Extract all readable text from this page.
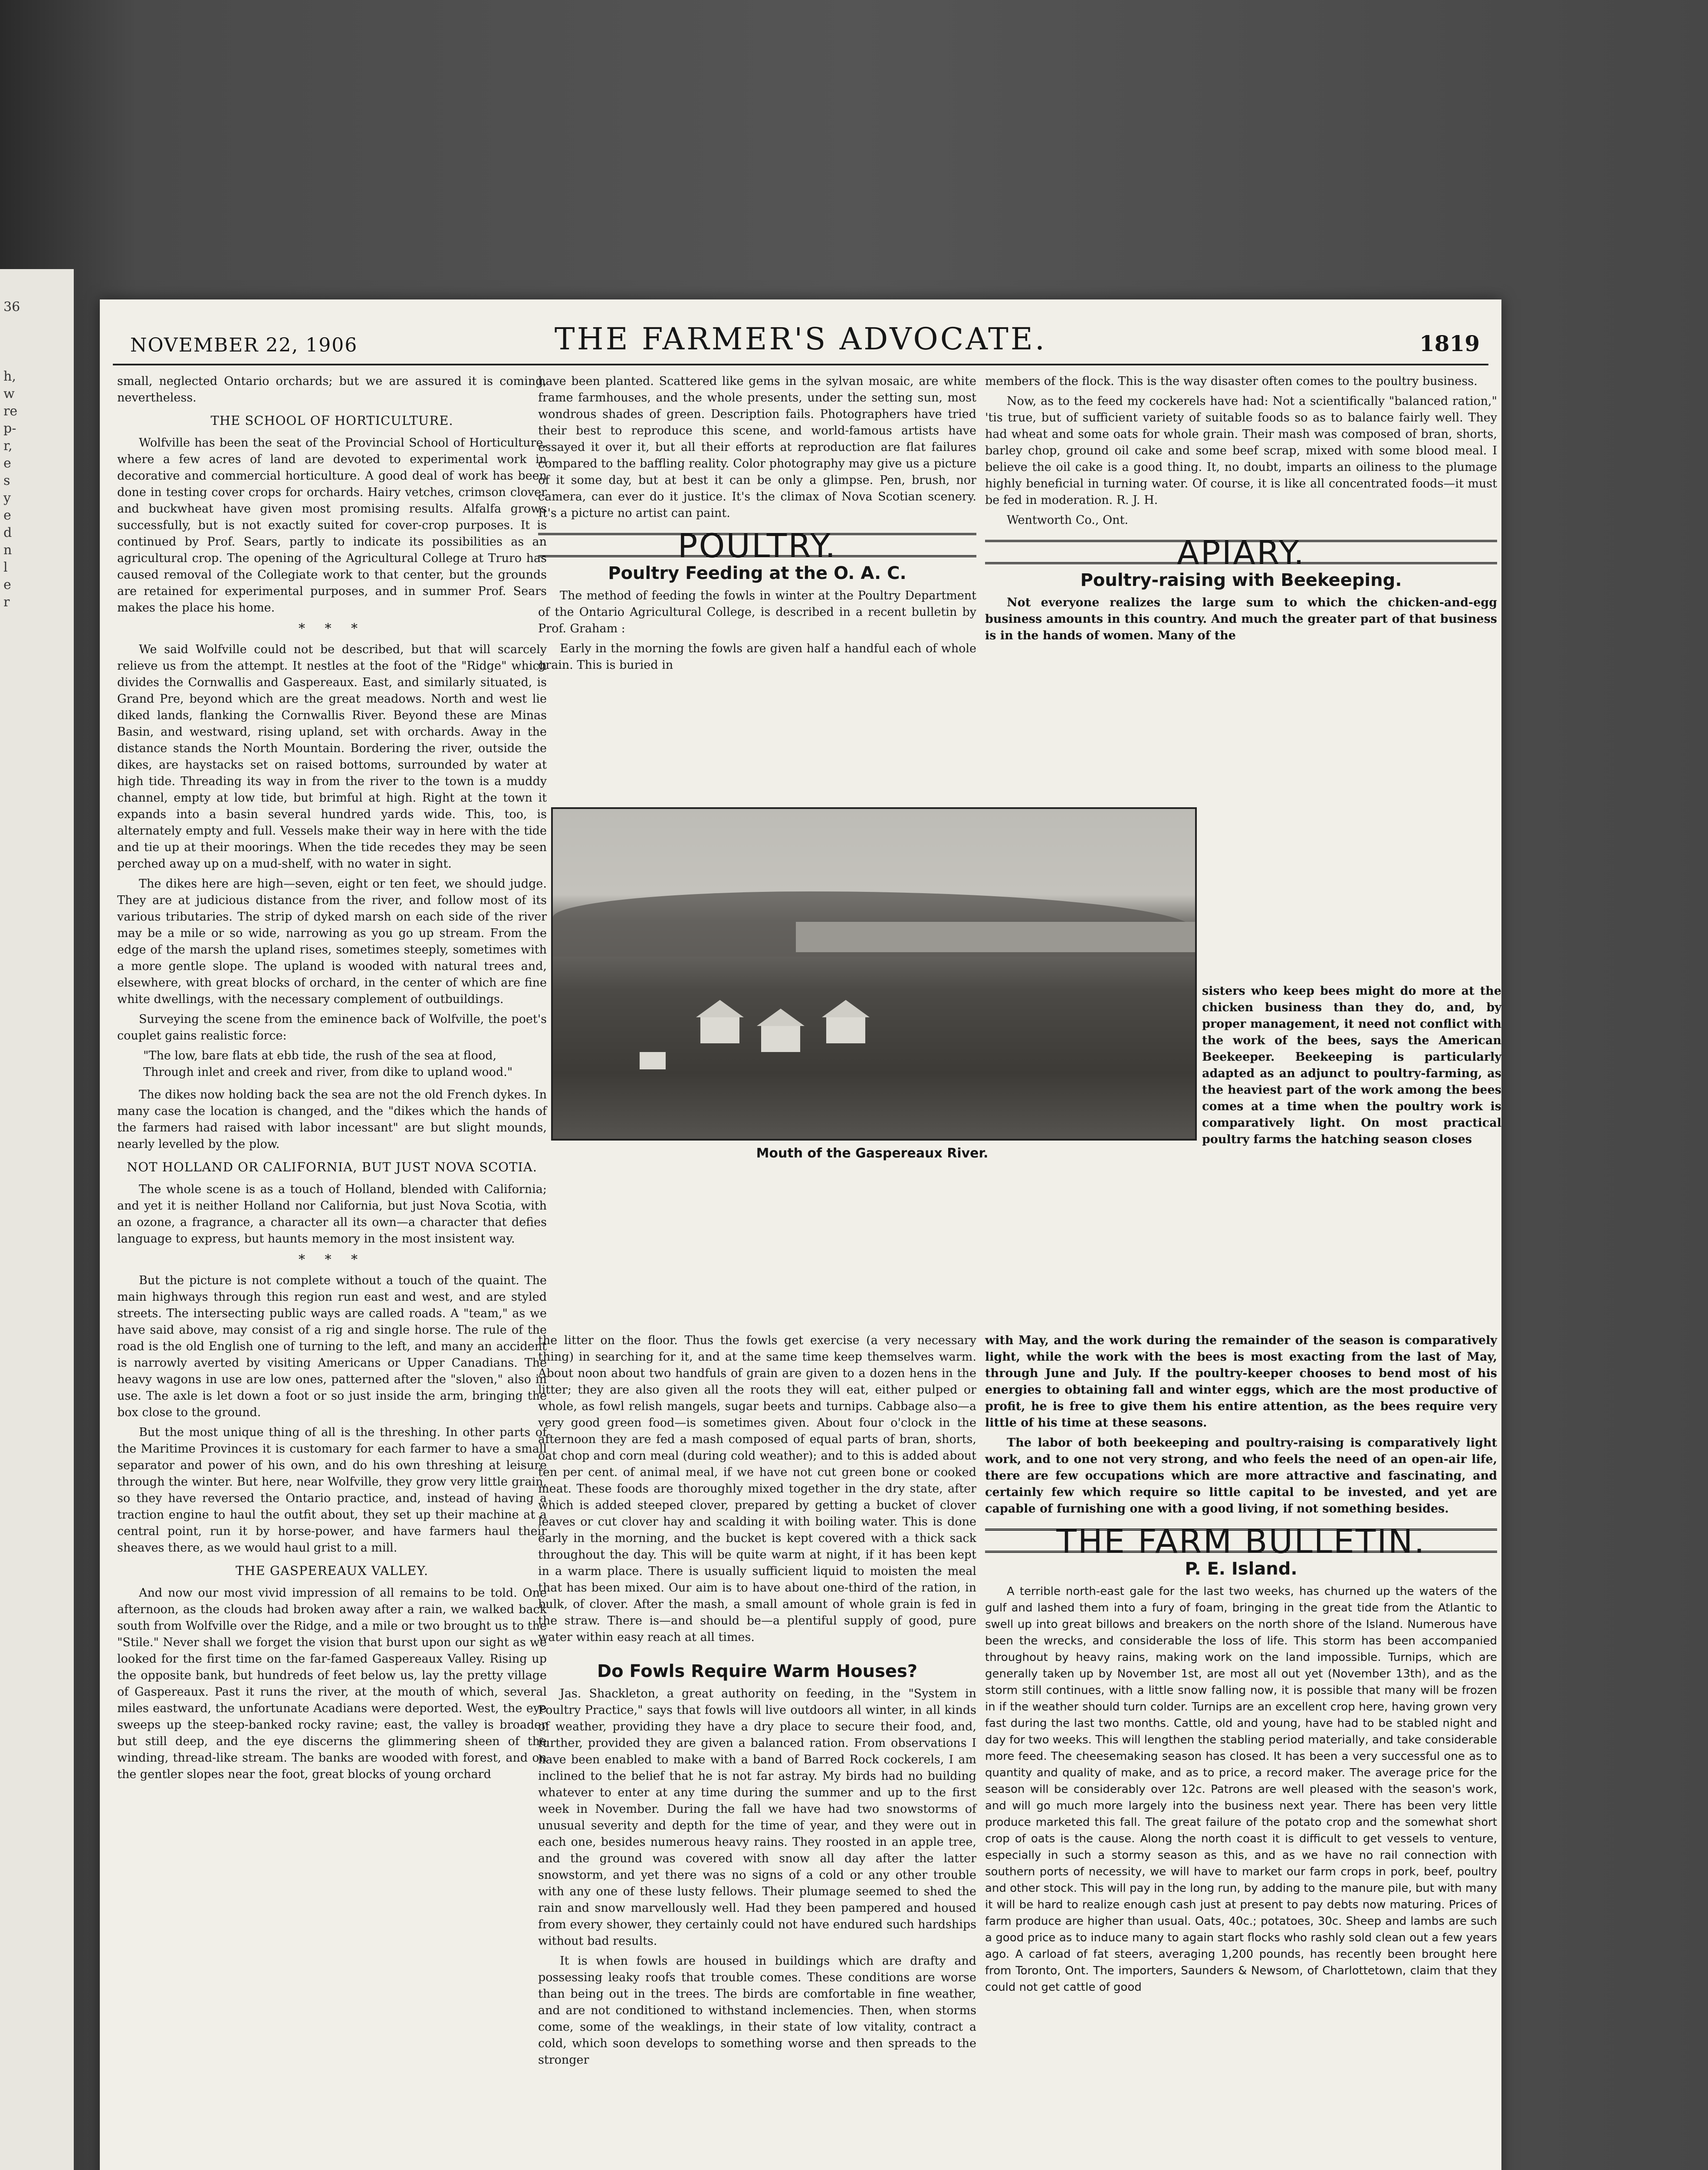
36
h,
w
re
p-
r,
e
s
y
e
d
n
l
e
r
NOVEMBER 22, 1906	THE FARMER'S ADVOCATE.	1819

small, neglected Ontario orchards; but we are assured it is coming, nevertheless.

THE SCHOOL OF HORTICULTURE.

Wolfville has been the seat of the Provincial School of Horticulture, where a few acres of land are devoted to experimental work in decorative and commercial horticulture. A good deal of work has been done in testing cover crops for orchards. Hairy vetches, crimson clover and buckwheat have given most promising results. Alfalfa grows successfully, but is not exactly suited for cover-crop purposes. It is continued by Prof. Sears, partly to indicate its possibilities as an agricultural crop. The opening of the Agricultural College at Truro has caused removal of the Collegiate work to that center, but the grounds are retained for experimental purposes, and in summer Prof. Sears makes the place his home.

* * *

We said Wolfville could not be described, but that will scarcely relieve us from the attempt. It nestles at the foot of the "Ridge" which divides the Cornwallis and Gaspereaux. East, and similarly situated, is Grand Pre, beyond which are the great meadows. North and west lie diked lands, flanking the Cornwallis River. Beyond these are Minas Basin, and westward, rising upland, set with orchards. Away in the distance stands the North Mountain. Bordering the river, outside the dikes, are haystacks set on raised bottoms, surrounded by water at high tide. Threading its way in from the river to the town is a muddy channel, empty at low tide, but brimful at high. Right at the town it expands into a basin several hundred yards wide. This, too, is alternately empty and full. Vessels make their way in here with the tide and tie up at their moorings. When the tide recedes they may be seen perched away up on a mud-shelf, with no water in sight.

The dikes here are high—seven, eight or ten feet, we should judge. They are at judicious distance from the river, and follow most of its various tributaries. The strip of dyked marsh on each side of the river may be a mile or so wide, narrowing as you go up stream. From the edge of the marsh the upland rises, sometimes steeply, sometimes with a more gentle slope. The upland is wooded with natural trees and, elsewhere, with great blocks of orchard, in the center of which are fine white dwellings, with the necessary complement of outbuildings.

Surveying the scene from the eminence back of Wolfville, the poet's couplet gains realistic force:

"The low, bare flats at ebb tide, the rush of the sea at flood,
Through inlet and creek and river, from dike to upland wood."

The dikes now holding back the sea are not the old French dykes. In many case the location is changed, and the "dikes which the hands of the farmers had raised with labor incessant" are but slight mounds, nearly levelled by the plow.

NOT HOLLAND OR CALIFORNIA, BUT JUST NOVA SCOTIA.

The whole scene is as a touch of Holland, blended with California; and yet it is neither Holland nor California, but just Nova Scotia, with an ozone, a fragrance, a character all its own—a character that defies language to express, but haunts memory in the most insistent way.

* * *

But the picture is not complete without a touch of the quaint. The main highways through this region run east and west, and are styled streets. The intersecting public ways are called roads. A "team," as we have said above, may consist of a rig and single horse. The rule of the road is the old English one of turning to the left, and many an accident is narrowly averted by visiting Americans or Upper Canadians. The heavy wagons in use are low ones, patterned after the "sloven," also in use. The axle is let down a foot or so just inside the arm, bringing the box close to the ground.

But the most unique thing of all is the threshing. In other parts of the Maritime Provinces it is customary for each farmer to have a small separator and power of his own, and do his own threshing at leisure through the winter. But here, near Wolfville, they grow very little grain, so they have reversed the Ontario practice, and, instead of having a traction engine to haul the outfit about, they set up their machine at a central point, run it by horse-power, and have farmers haul their sheaves there, as we would haul grist to a mill.

THE GASPEREAUX VALLEY.

And now our most vivid impression of all remains to be told. One afternoon, as the clouds had broken away after a rain, we walked back south from Wolfville over the Ridge, and a mile or two brought us to the "Stile." Never shall we forget the vision that burst upon our sight as we looked for the first time on the far-famed Gaspereaux Valley. Rising up the opposite bank, but hundreds of feet below us, lay the pretty village of Gaspereaux. Past it runs the river, at the mouth of which, several miles eastward, the unfortunate Acadians were deported. West, the eye sweeps up the steep-banked rocky ravine; east, the valley is broader but still deep, and the eye discerns the glimmering sheen of the winding, thread-like stream. The banks are wooded with forest, and on the gentler slopes near the foot, great blocks of young orchard

have been planted. Scattered like gems in the sylvan mosaic, are white frame farmhouses, and the whole presents, under the setting sun, most wondrous shades of green. Description fails. Photographers have tried their best to reproduce this scene, and world-famous artists have essayed it over it, but all their efforts at reproduction are flat failures compared to the baffling reality. Color photography may give us a picture of it some day, but at best it can be only a glimpse. Pen, brush, nor camera, can ever do it justice. It's the climax of Nova Scotian scenery. It's a picture no artist can paint.

POULTRY.
Poultry Feeding at the O. A. C.

The method of feeding the fowls in winter at the Poultry Department of the Ontario Agricultural College, is described in a recent bulletin by Prof. Graham :

Early in the morning the fowls are given half a handful each of whole grain. This is buried in

Mouth of the Gaspereaux River.

the litter on the floor. Thus the fowls get exercise (a very necessary thing) in searching for it, and at the same time keep themselves warm. About noon about two handfuls of grain are given to a dozen hens in the litter; they are also given all the roots they will eat, either pulped or whole, as fowl relish mangels, sugar beets and turnips. Cabbage also—a very good green food—is sometimes given. About four o'clock in the afternoon they are fed a mash composed of equal parts of bran, shorts, oat chop and corn meal (during cold weather); and to this is added about ten per cent. of animal meal, if we have not cut green bone or cooked meat. These foods are thoroughly mixed together in the dry state, after which is added steeped clover, prepared by getting a bucket of clover leaves or cut clover hay and scalding it with boiling water. This is done early in the morning, and the bucket is kept covered with a thick sack throughout the day. This will be quite warm at night, if it has been kept in a warm place. There is usually sufficient liquid to moisten the meal that has been mixed. Our aim is to have about one-third of the ration, in bulk, of clover. After the mash, a small amount of whole grain is fed in the straw. There is—and should be—a plentiful supply of good, pure water within easy reach at all times.

Do Fowls Require Warm Houses?

Jas. Shackleton, a great authority on feeding, in the "System in Poultry Practice," says that fowls will live outdoors all winter, in all kinds of weather, providing they have a dry place to secure their food, and, further, provided they are given a balanced ration. From observations I have been enabled to make with a band of Barred Rock cockerels, I am inclined to the belief that he is not far astray. My birds had no building whatever to enter at any time during the summer and up to the first week in November. During the fall we have had two snowstorms of unusual severity and depth for the time of year, and they were out in each one, besides numerous heavy rains. They roosted in an apple tree, and the ground was covered with snow all day after the latter snowstorm, and yet there was no signs of a cold or any other trouble with any one of these lusty fellows. Their plumage seemed to shed the rain and snow marvellously well. Had they been pampered and housed from every shower, they certainly could not have endured such hardships without bad results.

It is when fowls are housed in buildings which are drafty and possessing leaky roofs that trouble comes. These conditions are worse than being out in the trees. The birds are comfortable in fine weather, and are not conditioned to withstand inclemencies. Then, when storms come, some of the weaklings, in their state of low vitality, contract a cold, which soon develops to something worse and then spreads to the stronger

members of the flock. This is the way disaster often comes to the poultry business.

Now, as to the feed my cockerels have had: Not a scientifically "balanced ration," 'tis true, but of sufficient variety of suitable foods so as to balance fairly well. They had wheat and some oats for whole grain. Their mash was composed of bran, shorts, barley chop, ground oil cake and some beef scrap, mixed with some blood meal. I believe the oil cake is a good thing. It, no doubt, imparts an oiliness to the plumage highly beneficial in turning water. Of course, it is like all concentrated foods—it must be fed in moderation. R. J. H.

Wentworth Co., Ont.

APIARY.
Poultry-raising with Beekeeping.

Not everyone realizes the large sum to which the chicken-and-egg business amounts in this country. And much the greater part of that business is in the hands of women. Many of the

sisters who keep bees might do more at the chicken business than they do, and, by proper management, it need not conflict with the work of the bees, says the American Beekeeper. Beekeeping is particularly adapted as an adjunct to poultry-farming, as the heaviest part of the work among the bees comes at a time when the poultry work is comparatively light. On most practical poultry farms the hatching season closes

with May, and the work during the remainder of the season is comparatively light, while the work with the bees is most exacting from the last of May, through June and July. If the poultry-keeper chooses to bend most of his energies to obtaining fall and winter eggs, which are the most productive of profit, he is free to give them his entire attention, as the bees require very little of his time at these seasons.

The labor of both beekeeping and poultry-raising is comparatively light work, and to one not very strong, and who feels the need of an open-air life, there are few occupations which are more attractive and fascinating, and certainly few which require so little capital to be invested, and yet are capable of furnishing one with a good living, if not something besides.

THE FARM BULLETIN.
P. E. Island.

A terrible north-east gale for the last two weeks, has churned up the waters of the gulf and lashed them into a fury of foam, bringing in the great tide from the Atlantic to swell up into great billows and breakers on the north shore of the Island. Numerous have been the wrecks, and considerable the loss of life. This storm has been accompanied throughout by heavy rains, making work on the land impossible. Turnips, which are generally taken up by November 1st, are most all out yet (November 13th), and as the storm still continues, with a little snow falling now, it is possible that many will be frozen in if the weather should turn colder. Turnips are an excellent crop here, having grown very fast during the last two months. Cattle, old and young, have had to be stabled night and day for two weeks. This will lengthen the stabling period materially, and take considerable more feed. The cheesemaking season has closed. It has been a very successful one as to quantity and quality of make, and as to price, a record maker. The average price for the season will be considerably over 12c. Patrons are well pleased with the season's work, and will go much more largely into the business next year. There has been very little produce marketed this fall. The great failure of the potato crop and the somewhat short crop of oats is the cause. Along the north coast it is difficult to get vessels to venture, especially in such a stormy season as this, and as we have no rail connection with southern ports of necessity, we will have to market our farm crops in pork, beef, poultry and other stock. This will pay in the long run, by adding to the manure pile, but with many it will be hard to realize enough cash just at present to pay debts now maturing. Prices of farm produce are higher than usual. Oats, 40c.; potatoes, 30c. Sheep and lambs are such a good price as to induce many to again start flocks who rashly sold clean out a few years ago. A carload of fat steers, averaging 1,200 pounds, has recently been brought here from Toronto, Ont. The importers, Saunders & Newsom, of Charlottetown, claim that they could not get cattle of good
